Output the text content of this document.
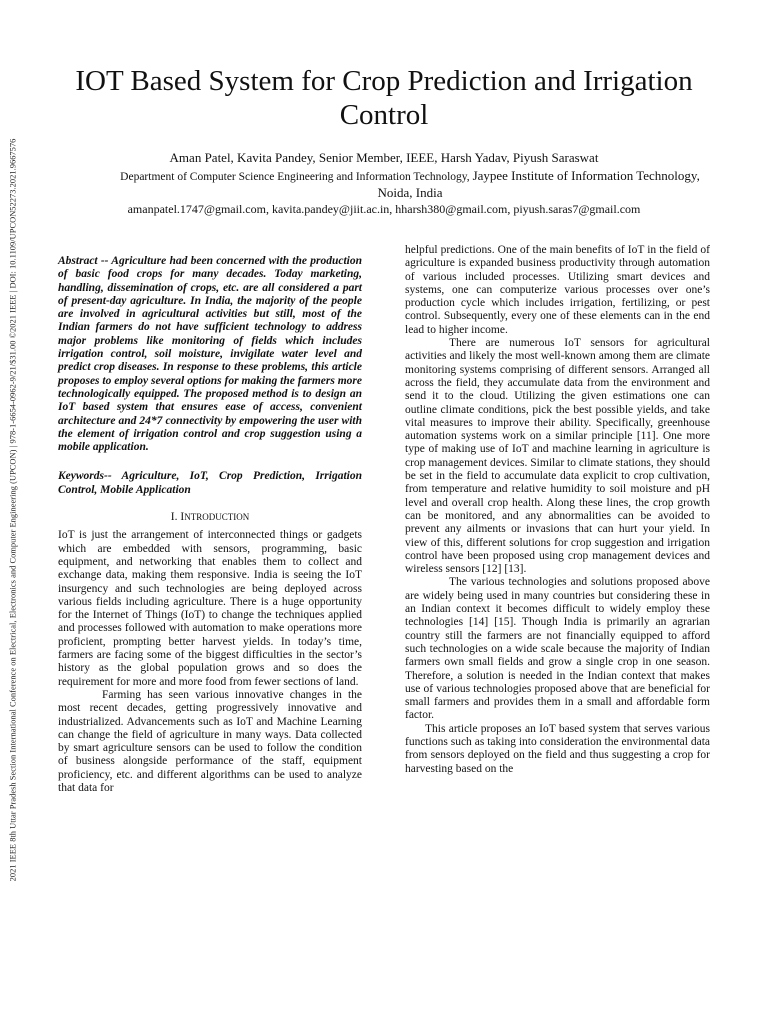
2021 IEEE 8th Uttar Pradesh Section International Conference on Electrical, Electronics and Computer Engineering (UPCON) | 978-1-6654-0962-9/21/$31.00 ©2021 IEEE | DOI: 10.1109/UPCON52273.2021.9667576
IOT Based System for Crop Prediction and Irrigation Control
Aman Patel, Kavita Pandey, Senior Member, IEEE, Harsh Yadav, Piyush Saraswat
Department of Computer Science Engineering and Information Technology, Jaypee Institute of Information Technology, Noida, India
amanpatel.1747@gmail.com, kavita.pandey@jiit.ac.in, hharsh380@gmail.com, piyush.saras7@gmail.com

Abstract -- Agriculture had been concerned with the production of basic food crops for many decades. Today marketing, handling, dissemination of crops, etc. are all considered a part of present-day agriculture. In India, the majority of the people are involved in agricultural activities but still, most of the Indian farmers do not have sufficient technology to address major problems like monitoring of fields which includes irrigation control, soil moisture, invigilate water level and predict crop diseases. In response to these problems, this article proposes to employ several options for making the farmers more technologically equipped. The proposed method is to design an IoT based system that ensures ease of access, convenient architecture and 24*7 connectivity by empowering the user with the element of irrigation control and crop suggestion using a mobile application.

Keywords-- Agriculture, IoT, Crop Prediction, Irrigation Control, Mobile Application

I. INTRODUCTION

IoT is just the arrangement of interconnected things or gadgets which are embedded with sensors, programming, basic equipment, and networking that enables them to collect and exchange data, making them responsive. India is seeing the IoT insurgency and such technologies are being deployed across various fields including agriculture. There is a huge opportunity for the Internet of Things (IoT) to change the techniques applied and processes followed with automation to make operations more proficient, prompting better harvest yields. In today’s time, farmers are facing some of the biggest difficulties in the sector’s history as the global population grows and so does the requirement for more and more food from fewer sections of land.

Farming has seen various innovative changes in the most recent decades, getting progressively innovative and industrialized. Advancements such as IoT and Machine Learning can change the field of agriculture in many ways. Data collected by smart agriculture sensors can be used to follow the condition of business alongside performance of the staff, equipment proficiency, etc. and different algorithms can be used to analyze that data for

helpful predictions. One of the main benefits of IoT in the field of agriculture is expanded business productivity through automation of various included processes. Utilizing smart devices and systems, one can computerize various processes over one’s production cycle which includes irrigation, fertilizing, or pest control. Subsequently, every one of these elements can in the end lead to higher income.

There are numerous IoT sensors for agricultural activities and likely the most well-known among them are climate monitoring systems comprising of different sensors. Arranged all across the field, they accumulate data from the environment and send it to the cloud. Utilizing the given estimations one can outline climate conditions, pick the best possible yields, and take vital measures to improve their ability. Specifically, greenhouse automation systems work on a similar principle [11]. One more type of making use of IoT and machine learning in agriculture is crop management devices. Similar to climate stations, they should be set in the field to accumulate data explicit to crop cultivation, from temperature and relative humidity to soil moisture and pH level and overall crop health. Along these lines, the crop growth can be monitored, and any abnormalities can be avoided to prevent any ailments or invasions that can hurt your yield. In view of this, different solutions for crop suggestion and irrigation control have been proposed using crop management devices and wireless sensors [12] [13].

The various technologies and solutions proposed above are widely being used in many countries but considering these in an Indian context it becomes difficult to widely employ these technologies [14] [15]. Though India is primarily an agrarian country still the farmers are not financially equipped to afford such technologies on a wide scale because the majority of Indian farmers own small fields and grow a single crop in one season. Therefore, a solution is needed in the Indian context that makes use of various technologies proposed above that are beneficial for small farmers and provides them in a small and affordable form factor.

This article proposes an IoT based system that serves various functions such as taking into consideration the environmental data from sensors deployed on the field and thus suggesting a crop for harvesting based on the
